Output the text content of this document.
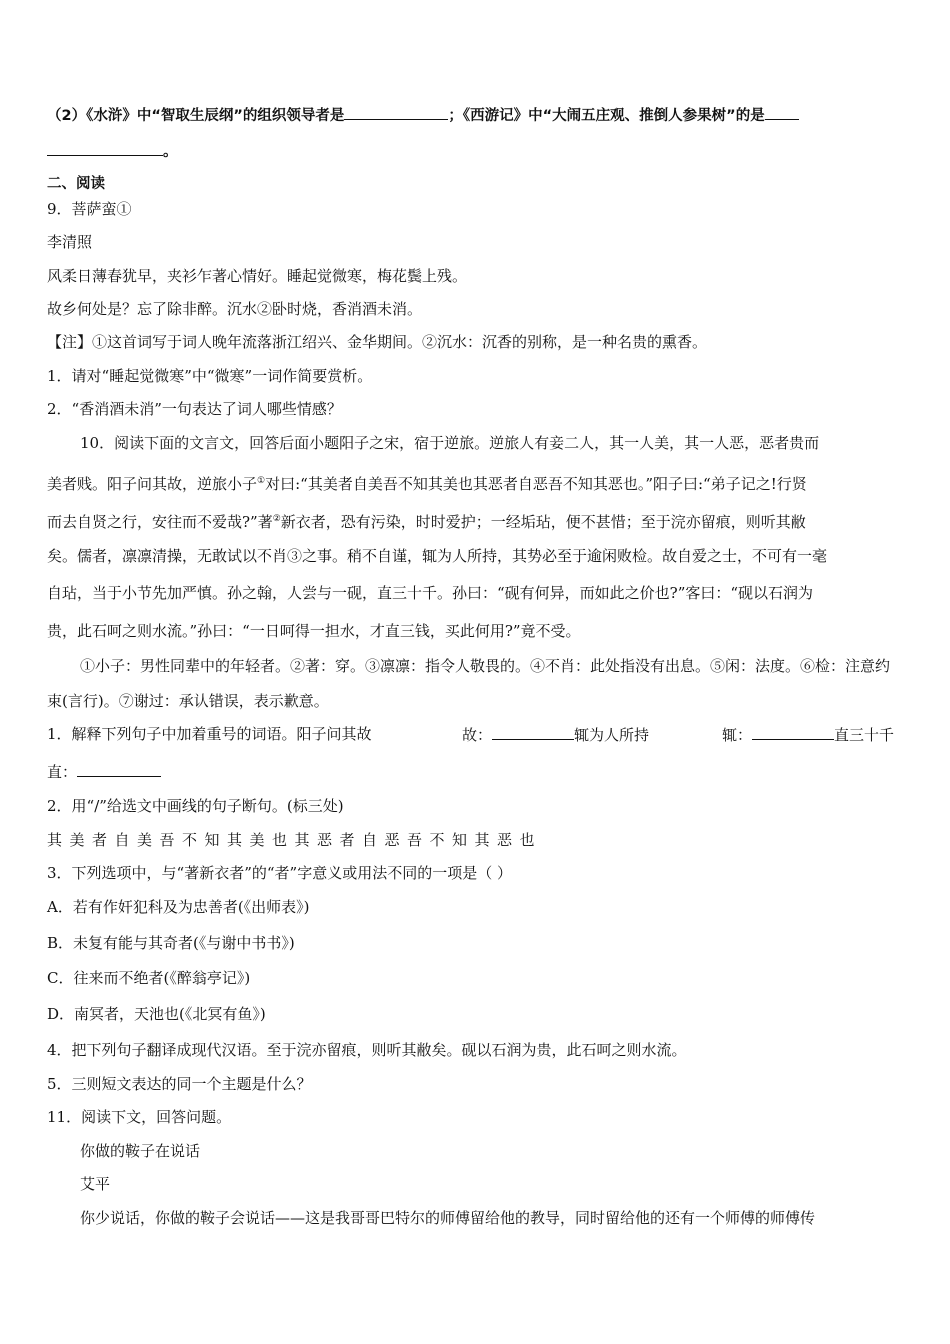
（2）《水浒》中“智取生辰纲”的组织领导者是	；《西游记》中“大闹五庄观、推倒人参果树”的是
。
二、阅读
9．菩萨蛮①
李清照
风柔日薄春犹早，夹衫乍著心情好。睡起觉微寒，梅花鬓上残。
故乡何处是？忘了除非醉。沉水②卧时烧，香消酒未消。
【注】①这首词写于词人晚年流落浙江绍兴、金华期间。②沉水：沉香的别称，是一种名贵的熏香。
1．请对“睡起觉微寒”中“微寒”一词作简要赏析。
2．“香消酒未消”一句表达了词人哪些情感？
10．阅读下面的文言文，回答后面小题阳子之宋，宿于逆旅。逆旅人有妾二人，其一人美，其一人恶，恶者贵而
美者贱。阳子问其故，逆旅小子①对曰:“其美者自美吾不知其美也其恶者自恶吾不知其恶也。”阳子曰:“弟子记之!行贤
而去自贤之行，安往而不爱哉?”著②新衣者，恐有污染，时时爱护；一经垢玷，便不甚惜；至于浣亦留痕，则听其敝
矣。儒者，凛凛清操，无敢试以不肖③之事。稍不自谨，辄为人所持，其势必至于逾闲败检。故自爱之士，不可有一毫
自玷，当于小节先加严慎。孙之翰，人尝与一砚，直三十千。孙曰：“砚有何异，而如此之价也?”客曰：“砚以石润为
贵，此石呵之则水流。”孙曰：“一日呵得一担水，才直三钱，买此何用?”竟不受。
①小子：男性同辈中的年轻者。②著：穿。③凛凛：指令人敬畏的。④不肖：此处指没有出息。⑤闲：法度。⑥检：注意约
束(言行)。⑦谢过：承认错误，表示歉意。
1．解释下列句子中加着重号的词语。阳子问其故	故：	辄为人所持	辄：	直三十千
直：
2．用“/”给选文中画线的句子断句。(标三处)
其美者自美吾不知其美也其恶者自恶吾不知其恶也
3．下列选项中，与“著新衣者”的“者”字意义或用法不同的一项是（ ）
A．若有作奸犯科及为忠善者(《出师表》)
B．未复有能与其奇者(《与谢中书书》)
C．往来而不绝者(《醉翁亭记》)
D．南冥者，天池也(《北冥有鱼》)
4．把下列句子翻译成现代汉语。至于浣亦留痕，则听其敝矣。砚以石润为贵，此石呵之则水流。
5．三则短文表达的同一个主题是什么？
11．阅读下文，回答问题。
你做的鞍子在说话
艾平
你少说话，你做的鞍子会说话——这是我哥哥巴特尔的师傅留给他的教导，同时留给他的还有一个师傅的师傅传
